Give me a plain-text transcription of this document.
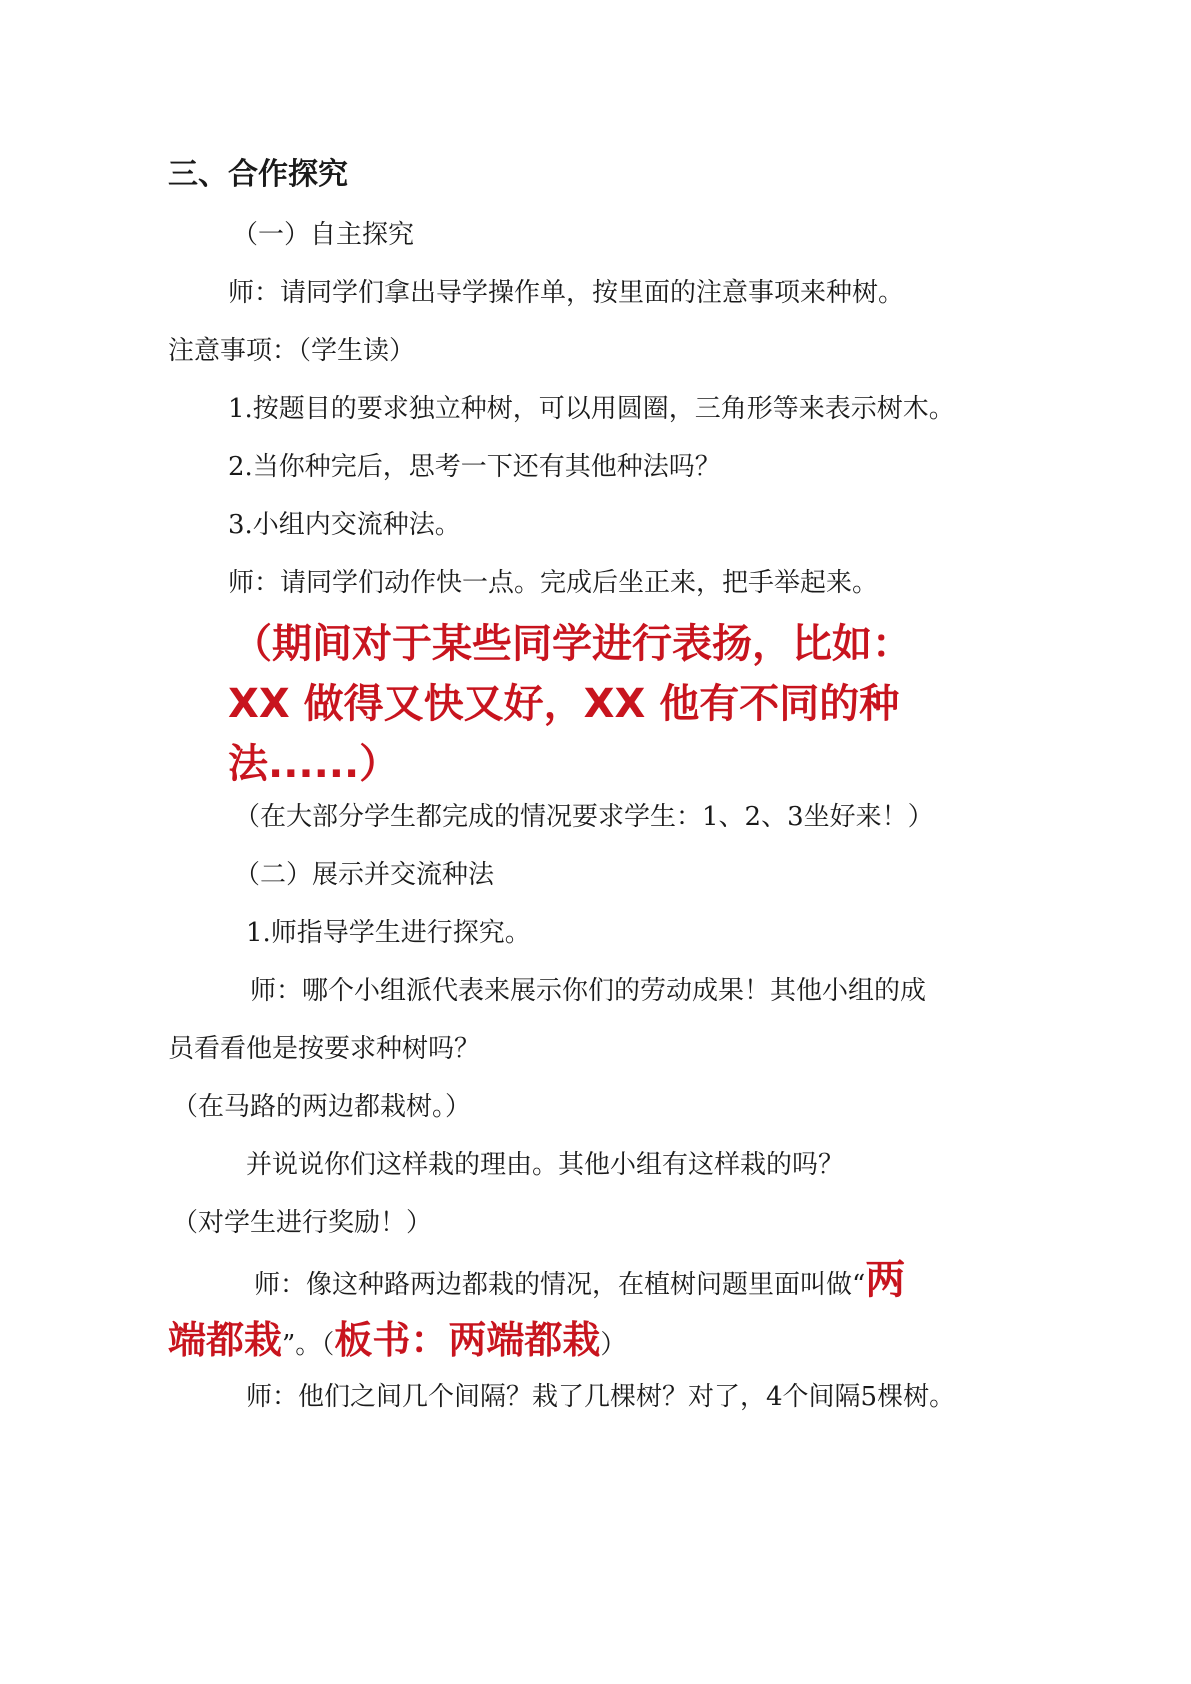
三、合作探究
（一）自主探究
师：请同学们拿出导学操作单，按里面的注意事项来种树。
注意事项：（学生读）
1.按题目的要求独立种树，可以用圆圈，三角形等来表示树木。
2.当你种完后，思考一下还有其他种法吗？
3.小组内交流种法。
师：请同学们动作快一点。完成后坐正来，把手举起来。
（期间对于某些同学进行表扬，比如：
XX 做得又快又好，XX 他有不同的种
法......）
（在大部分学生都完成的情况要求学生：1、2、3坐好来！）
（二）展示并交流种法
1.师指导学生进行探究。
师：哪个小组派代表来展示你们的劳动成果！其他小组的成
员看看他是按要求种树吗？
（在马路的两边都栽树。）
并说说你们这样栽的理由。其他小组有这样栽的吗？
（对学生进行奖励！）
师：像这种路两边都栽的情况，在植树问题里面叫做“两
端都栽”。（板书：两端都栽）
师：他们之间几个间隔？栽了几棵树？对了，4个间隔5棵树。
